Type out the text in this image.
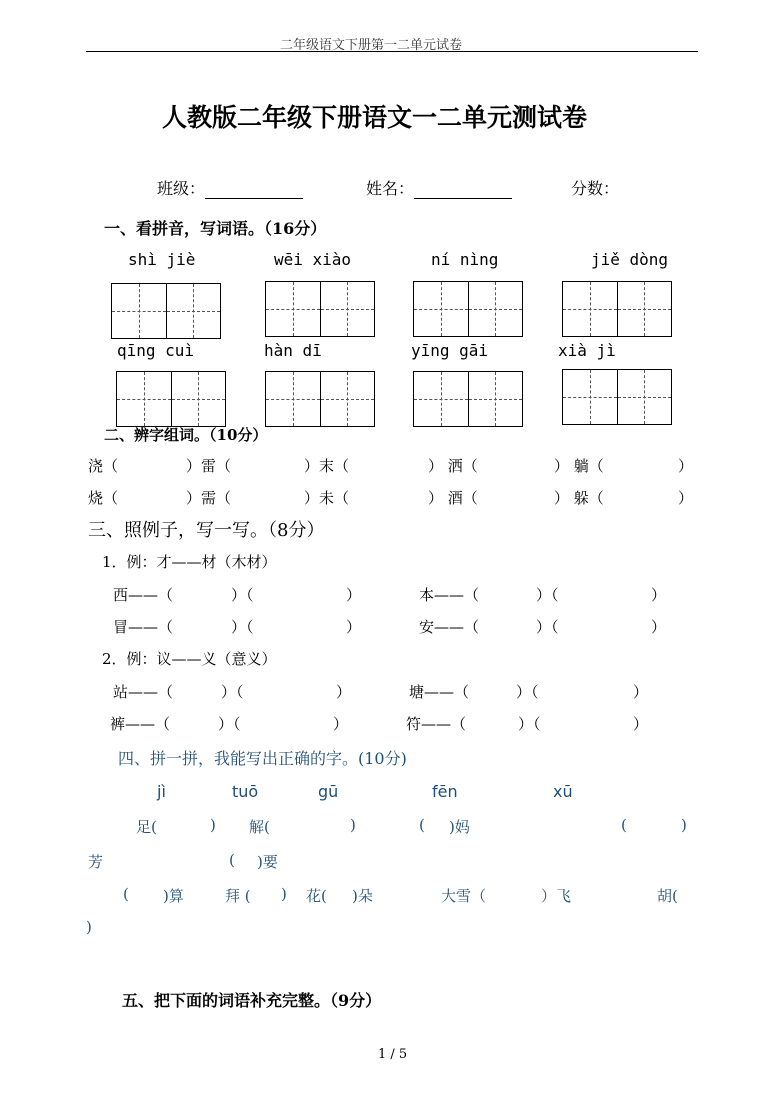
二年级语文下册第一二单元试卷
人教版二年级下册语文一二单元测试卷
班级：	姓名：	分数：
一、看拼音，写词语。（16分）
shì jiè	wēi xiào	ní nìng	jiě dòng
qīng cuì	hàn dī	yīng gāi	xià jì
二、辨字组词。（10分）
浇（	）雷（	）末（	） 洒（	） 躺（	）
烧（	）需（	）未（	） 酒（	） 躲（	）
三、照例子，写一写。（8分）
1．例：才——材（木材）
西——（	）（	）	本——（	）（	）
冒——（	）（	）	安——（	）（	）
2．例：议——义（意义）
站——（	）（	）	塘——（	）（	）
裤——（	）（	）	符——（	）（	）
四、拼一拼，我能写出正确的字。(10分)
jì	tuō	gū	fēn	xū
足(	) 解(	)	( )妈	(	)
芳	( )要
( )算	拜 ( ) 花( )朵	大雪（	）飞	胡(
)
五、把下面的词语补充完整。（9分）
1 / 5
